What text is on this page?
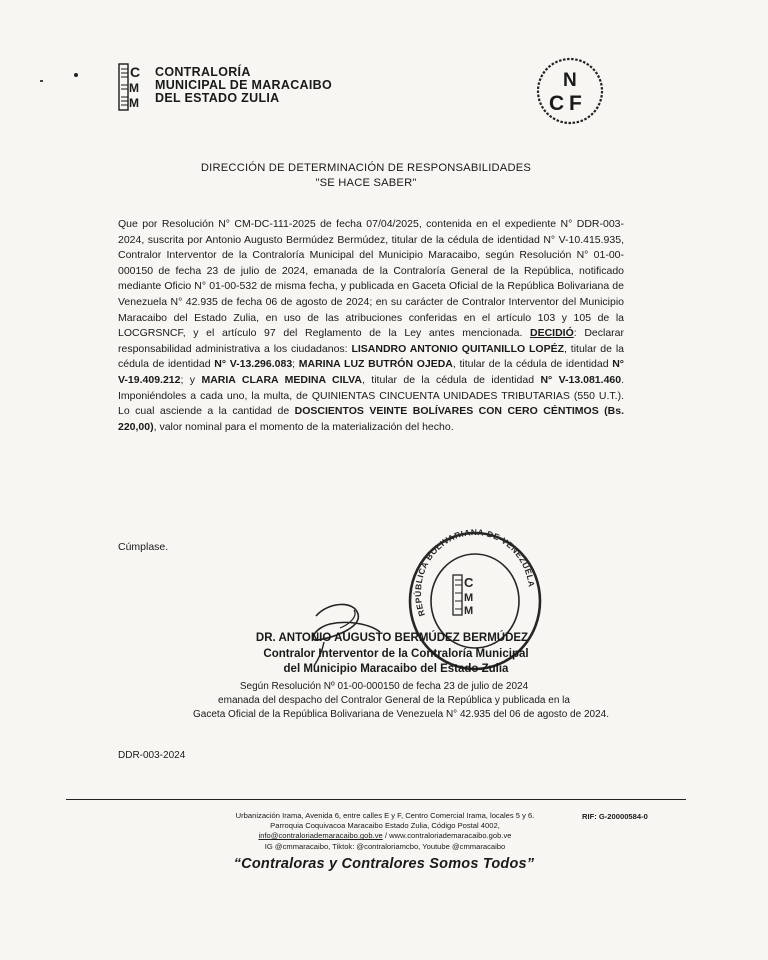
C
M
M
CONTRALORÍA
MUNICIPAL DE MARACAIBO
DEL ESTADO ZULIA
N
C F
DIRECCIÓN DE DETERMINACIÓN DE RESPONSABILIDADES
"SE HACE SABER"
Que por Resolución N° CM-DC-111-2025 de fecha 07/04/2025, contenida en el expediente N° DDR-003-2024, suscrita por Antonio Augusto Bermúdez Bermúdez, titular de la cédula de identidad N° V-10.415.935, Contralor Interventor de la Contraloría Municipal del Municipio Maracaibo, según Resolución N° 01-00-000150 de fecha 23 de julio de 2024, emanada de la Contraloría General de la República, notificado mediante Oficio N° 01-00-532 de misma fecha, y publicada en Gaceta Oficial de la República Bolivariana de Venezuela N° 42.935 de fecha 06 de agosto de 2024; en su carácter de Contralor Interventor del Municipio Maracaibo del Estado Zulia, en uso de las atribuciones conferidas en el artículo 103 y 105 de la LOCGRSNCF, y el artículo 97 del Reglamento de la Ley antes mencionada. DECIDIÓ: Declarar responsabilidad administrativa a los ciudadanos: LISANDRO ANTONIO QUITANILLO LOPÉZ, titular de la cédula de identidad N° V-13.296.083; MARINA LUZ BUTRÓN OJEDA, titular de la cédula de identidad N° V-19.409.212; y MARIA CLARA MEDINA CILVA, titular de la cédula de identidad N° V-13.081.460. Imponiéndoles a cada uno, la multa, de QUINIENTAS CINCUENTA UNIDADES TRIBUTARIAS (550 U.T.). Lo cual asciende a la cantidad de DOSCIENTOS VEINTE BOLÍVARES CON CERO CÉNTIMOS (Bs. 220,00), valor nominal para el momento de la materialización del hecho.
Cúmplase.
REPÚBLICA BOLIVARIANA DE VENEZUELA
C
M
M
DR. ANTONIO AUGUSTO BERMÚDEZ BERMÚDEZ
Contralor Interventor de la Contraloría Municipal
del Municipio Maracaibo del Estado Zulia
Según Resolución Nº 01-00-000150 de fecha 23 de julio de 2024
emanada del despacho del Contralor General de la República y publicada en la
Gaceta Oficial de la República Bolivariana de Venezuela N° 42.935 del 06 de agosto de 2024.
DDR-003-2024
Urbanización Irama, Avenida 6, entre calles E y F, Centro Comercial Irama, locales 5 y 6.
Parroquia Coquivacoa Maracaibo Estado Zulia, Código Postal 4002,
info@contraloriademaracaibo.gob.ve / www.contraloriademaracaibo.gob.ve
IG @cmmaracaibo, Tiktok: @contraloriamcbo, Youtube @cmmaracaibo
RIF: G-20000584-0
“Contraloras y Contralores Somos Todos”
